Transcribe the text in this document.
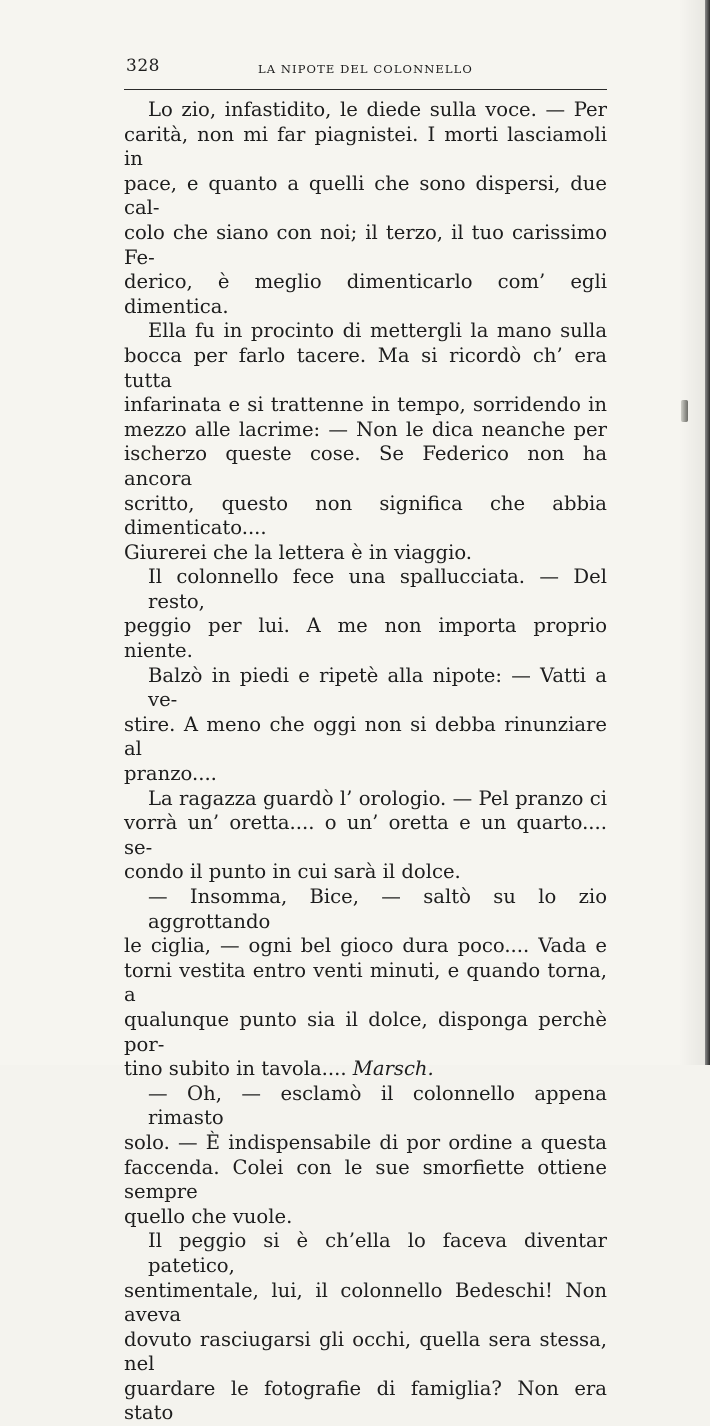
328	LA NIPOTE DEL COLONNELLO

Lo zio, infastidito, le diede sulla voce. — Per
carità, non mi far piagnistei. I morti lasciamoli in
pace, e quanto a quelli che sono dispersi, due cal-
colo che siano con noi; il terzo, il tuo carissimo Fe-
derico, è meglio dimenticarlo com’ egli dimentica.

Ella fu in procinto di mettergli la mano sulla
bocca per farlo tacere. Ma si ricordò ch’ era tutta
infarinata e si trattenne in tempo, sorridendo in
mezzo alle lacrime: — Non le dica neanche per
ischerzo queste cose. Se Federico non ha ancora
scritto, questo non significa che abbia dimenticato....
Giurerei che la lettera è in viaggio.

Il colonnello fece una spallucciata. — Del resto,
peggio per lui. A me non importa proprio niente.

Balzò in piedi e ripetè alla nipote: — Vatti a ve-
stire. A meno che oggi non si debba rinunziare al
pranzo....

La ragazza guardò l’ orologio. — Pel pranzo ci
vorrà un’ oretta.... o un’ oretta e un quarto.... se-
condo il punto in cui sarà il dolce.

— Insomma, Bice, — saltò su lo zio aggrottando
le ciglia, — ogni bel gioco dura poco.... Vada e
torni vestita entro venti minuti, e quando torna, a
qualunque punto sia il dolce, disponga perchè por-
tino subito in tavola.... Marsch.

— Oh, — esclamò il colonnello appena rimasto
solo. — È indispensabile di por ordine a questa
faccenda. Colei con le sue smorfiette ottiene sempre
quello che vuole.

Il peggio si è ch’ella lo faceva diventar patetico,
sentimentale, lui, il colonnello Bedeschi! Non aveva
dovuto rasciugarsi gli occhi, quella sera stessa, nel
guardare le fotografie di famiglia? Non era stato
